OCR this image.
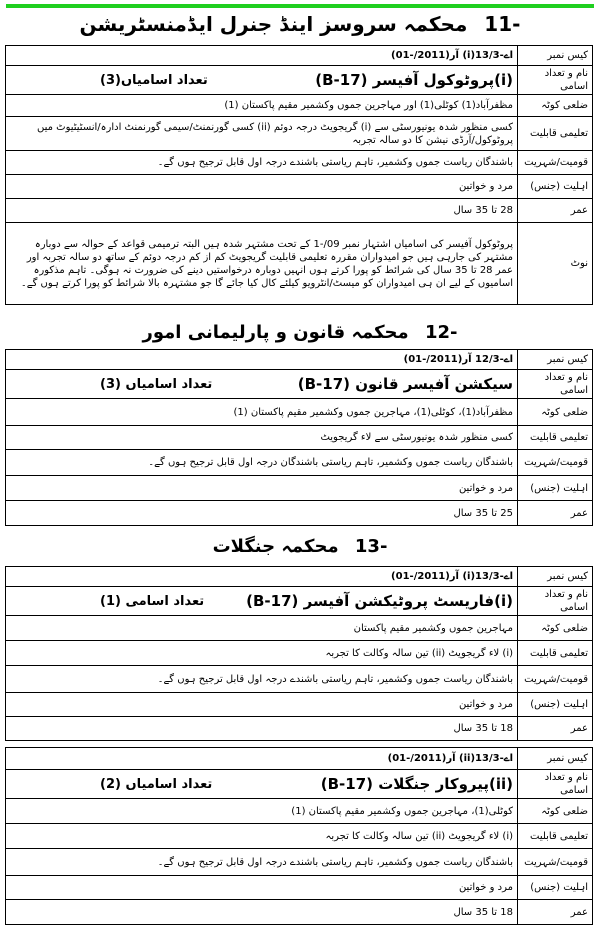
-11 محکمہ سروسز اینڈ جنرل ایڈمنسٹریشن
کیس نمبر	اے-13/3(i) آر(2011/-01)
نام و تعداد اسامی	(i)پروٹوکول آفیسر (B-17)
تعداد اسامیاں(3)

ضلعی کوٹہ	مظفرآباد(1) کوٹلی(1) اور مہاجرین جموں وکشمیر مقیم پاکستان (1)
تعلیمی قابلیت	کسی منظور شدہ یونیورسٹی سے (i) گریجویٹ درجہ دوئم (ii) کسی گورنمنٹ/سیمی گورنمنٹ ادارہ/انسٹیٹیوٹ میں پروٹوکول/آرڈی نیشن کا دو سالہ تجربہ
قومیت/شہریت	باشندگان ریاست جموں وکشمیر، تاہم ریاستی باشندے درجہ اول قابل ترجیح ہوں گے۔
اہلیت (جنس)	مرد و خواتین
عمر	28 تا 35 سال
نوٹ	پروٹوکول آفیسر کی اسامیاں اشتہار نمبر 09/-1 کے تحت مشتہر شدہ ہیں البتہ ترمیمی قواعد کے حوالہ سے دوبارہ مشتہر کی جارہی ہیں جو امیدواران مقررہ تعلیمی قابلیت گریجویٹ کم از کم درجہ دوئم کے ساتھ دو سالہ تجربہ اور عمر 28 تا 35 سال کی شرائط کو پورا کرتے ہوں انہیں دوبارہ درخواستیں دینے کی ضرورت نہ ہوگی۔ تاہم مذکورہ اسامیوں کے لیے ان ہی امیدواران کو میسٹ/انٹرویو کیلئے کال کیا جائے گا جو مشتہرہ بالا شرائط کو پورا کرتے ہوں گے۔
-12 محکمہ قانون و پارلیمانی امور
کیس نمبر	اے-12/3 آر(2011/-01)
نام و تعداد اسامی	سیکشن آفیسر قانون (B-17)
تعداد اسامیاں (3)

ضلعی کوٹہ	مظفرآباد(1)، کوٹلی(1)، مہاجرین جموں وکشمیر مقیم پاکستان (1)
تعلیمی قابلیت	کسی منظور شدہ یونیورسٹی سے لاء گریجویٹ
قومیت/شہریت	باشندگان ریاست جموں وکشمیر، تاہم ریاستی باشندگان درجہ اول قابل ترجیح ہوں گے۔
اہلیت (جنس)	مرد و خواتین
عمر	25 تا 35 سال
-13 محکمہ جنگلات
کیس نمبر	اے-13/3(i) آر(2011/-01)
نام و تعداد اسامی	(i)فاریسٹ پروٹیکشن آفیسر (B-17)
تعداد اسامی (1)

ضلعی کوٹہ	مہاجرین جموں وکشمیر مقیم پاکستان
تعلیمی قابلیت	(i) لاء گریجویٹ (ii) تین سالہ وکالت کا تجربہ
قومیت/شہریت	باشندگان ریاست جموں وکشمیر، تاہم ریاستی باشندے درجہ اول قابل ترجیح ہوں گے۔
اہلیت (جنس)	مرد و خواتین
عمر	18 تا 35 سال
کیس نمبر	اے-13/3(ii) آر(2011/-01)
نام و تعداد اسامی	(ii)پیروکار جنگلات (B-17)
تعداد اسامیاں (2)

ضلعی کوٹہ	کوٹلی(1)، مہاجرین جموں وکشمیر مقیم پاکستان (1)
تعلیمی قابلیت	(i) لاء گریجویٹ (ii) تین سالہ وکالت کا تجربہ
قومیت/شہریت	باشندگان ریاست جموں وکشمیر، تاہم ریاستی باشندے درجہ اول قابل ترجیح ہوں گے۔
اہلیت (جنس)	مرد و خواتین
عمر	18 تا 35 سال
